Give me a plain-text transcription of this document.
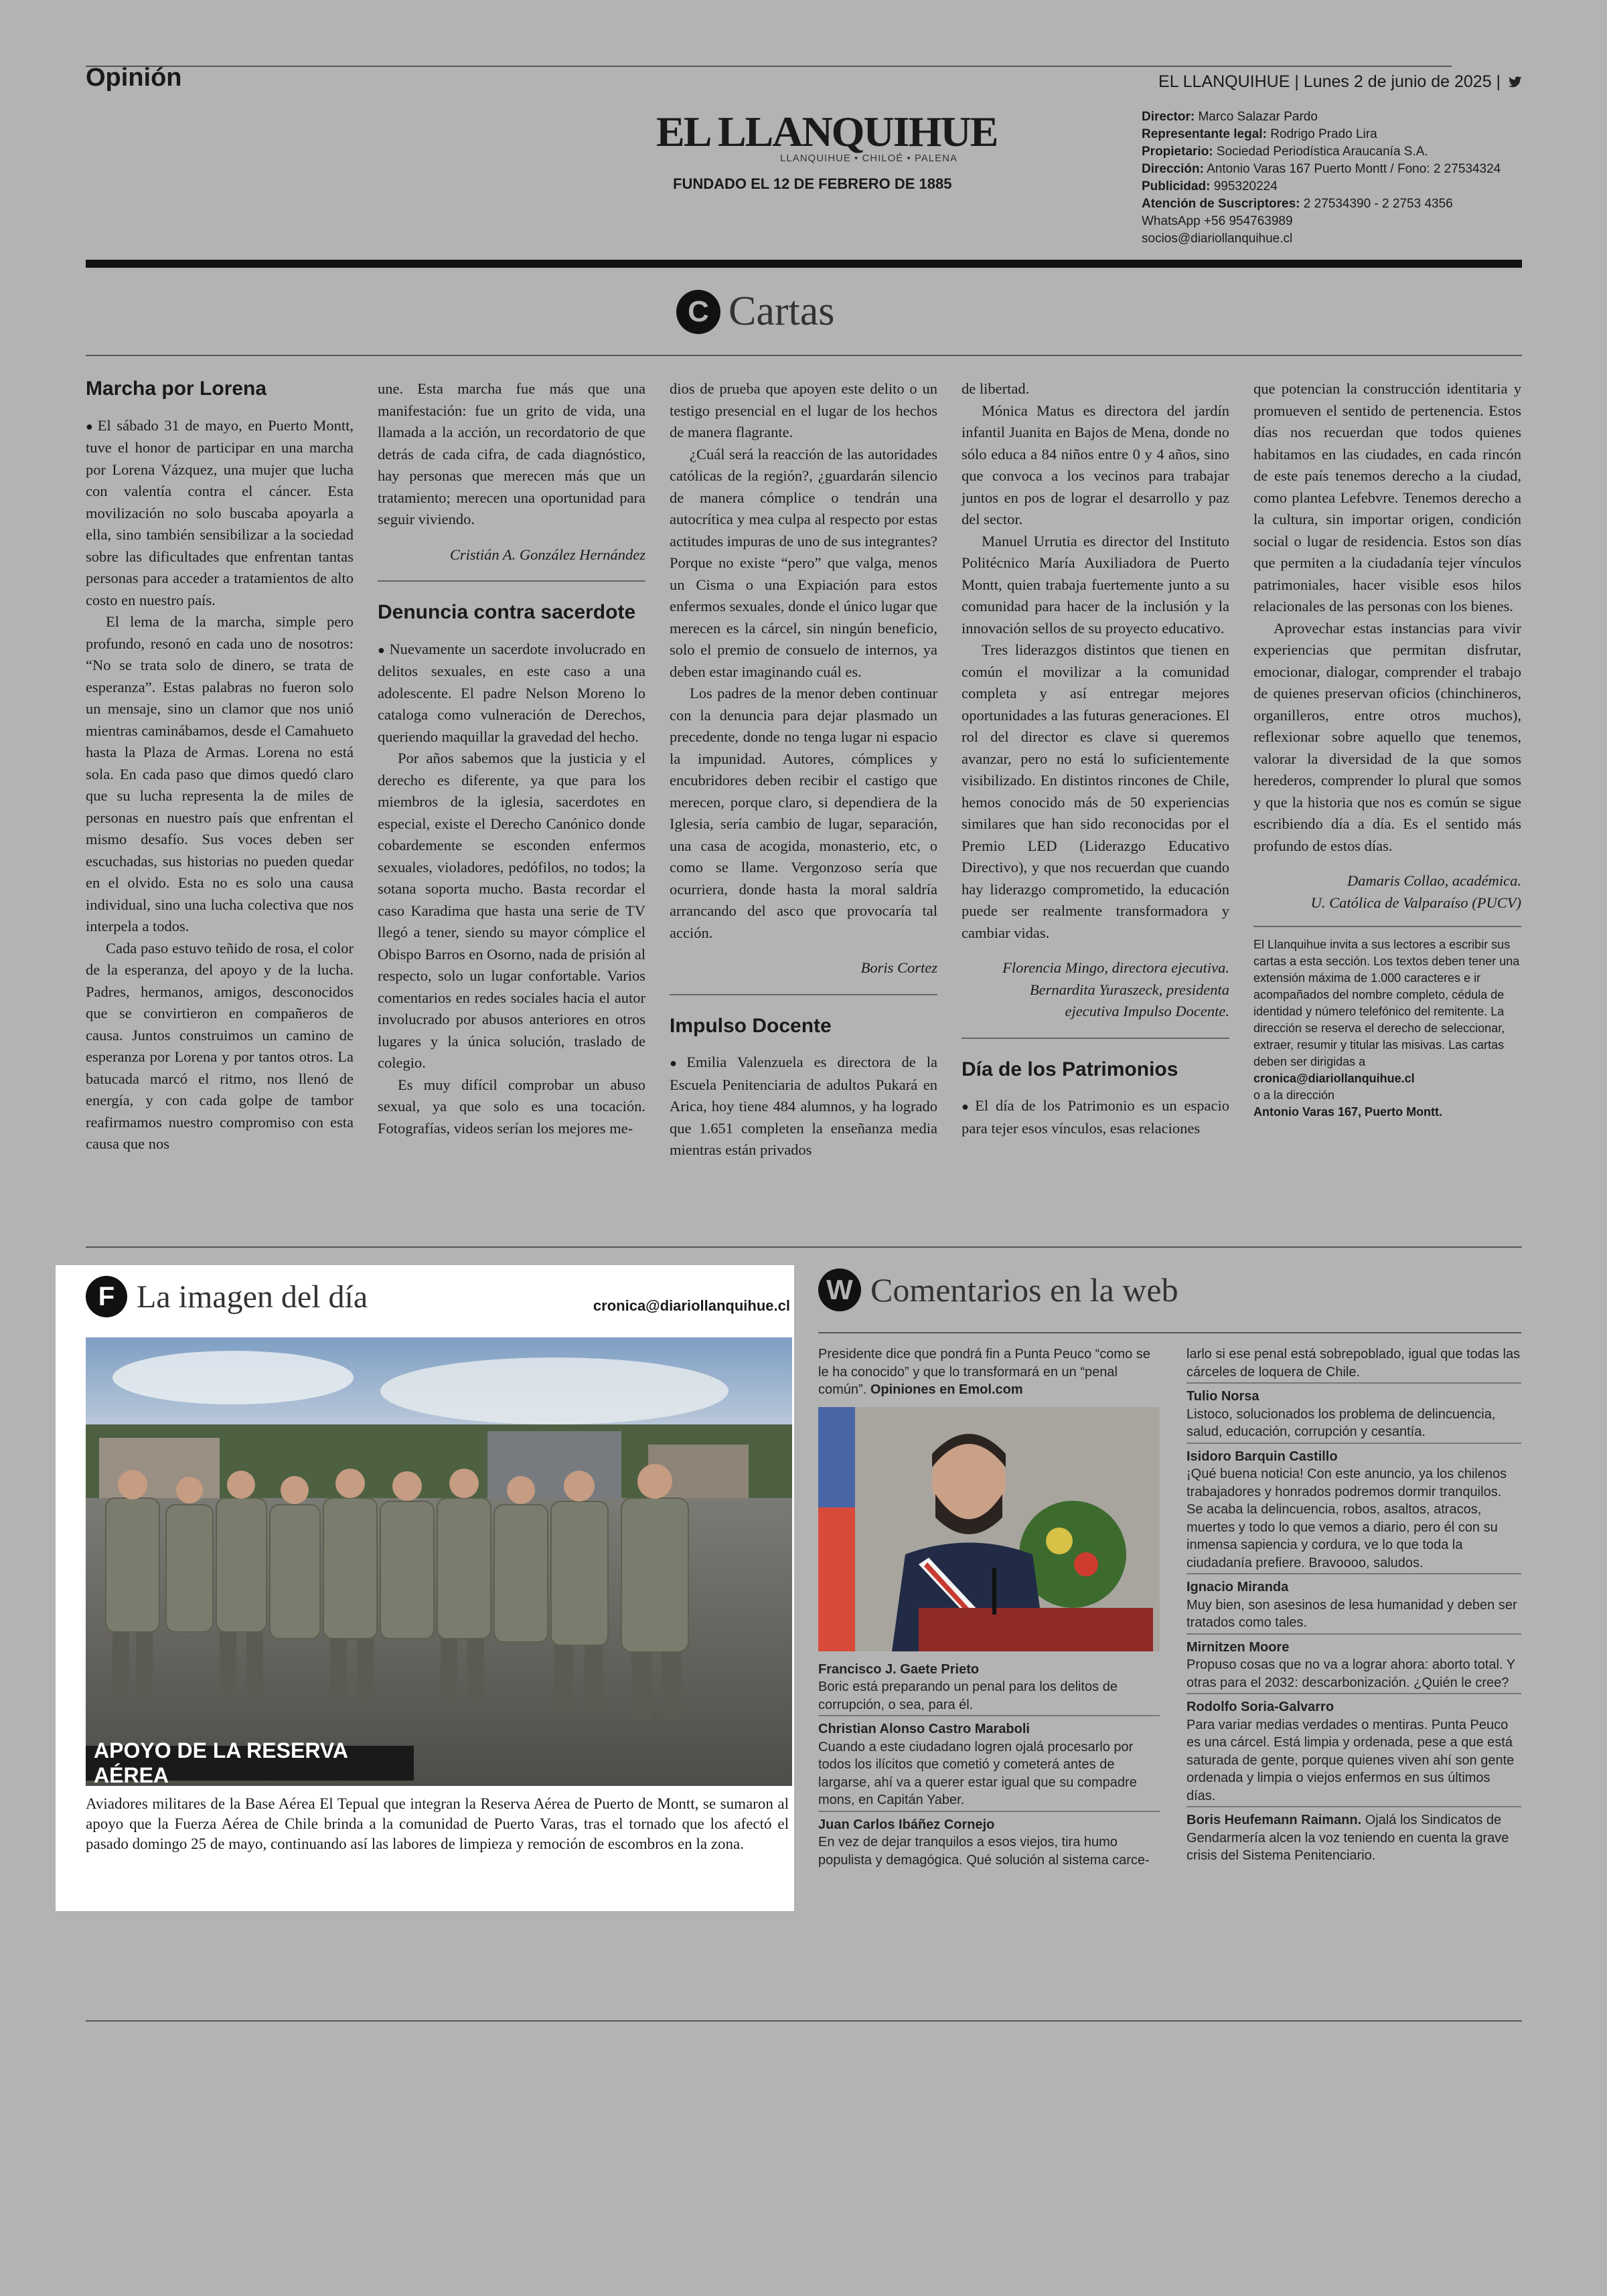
Opinión	EL LLANQUIHUE | Lunes 2 de junio de 2025 |
EL LLANQUIHUE
LLANQUIHUE • CHILOÉ • PALENA
FUNDADO EL 12 DE FEBRERO DE 1885
Director: Marco Salazar Pardo
Representante legal: Rodrigo Prado Lira
Propietario: Sociedad Periodística Araucanía S.A.
Dirección: Antonio Varas 167 Puerto Montt / Fono: 2 27534324
Publicidad: 995320224
Atención de Suscriptores: 2 27534390 - 2 2753 4356
WhatsApp +56 954763989
socios@diariollanquihue.cl
C Cartas
Marcha por Lorena

● El sábado 31 de mayo, en Puerto Montt, tuve el honor de participar en una marcha por Lorena Vázquez, una mujer que lucha con valentía contra el cáncer. Esta movilización no solo buscaba apoyarla a ella, sino también sensibilizar a la sociedad sobre las dificultades que enfrentan tantas personas para acceder a tratamientos de alto costo en nuestro país.

El lema de la marcha, simple pero profundo, resonó en cada uno de nosotros: “No se trata solo de dinero, se trata de esperanza”. Estas palabras no fueron solo un mensaje, sino un clamor que nos unió mientras caminábamos, desde el Camahueto hasta la Plaza de Armas. Lorena no está sola. En cada paso que dimos quedó claro que su lucha representa la de miles de personas en nuestro país que enfrentan el mismo desafío. Sus voces deben ser escuchadas, sus historias no pueden quedar en el olvido. Esta no es solo una causa individual, sino una lucha colectiva que nos interpela a todos.

Cada paso estuvo teñido de rosa, el color de la esperanza, del apoyo y de la lucha. Padres, hermanos, amigos, desconocidos que se convirtieron en compañeros de causa. Juntos construimos un camino de esperanza por Lorena y por tantos otros. La batucada marcó el ritmo, nos llenó de energía, y con cada golpe de tambor reafirmamos nuestro compromiso con esta causa que nos

une. Esta marcha fue más que una manifestación: fue un grito de vida, una llamada a la acción, un recordatorio de que detrás de cada cifra, de cada diagnóstico, hay personas que merecen más que un tratamiento; merecen una oportunidad para seguir viviendo.

Cristián A. González Hernández

Denuncia contra sacerdote

● Nuevamente un sacerdote involucrado en delitos sexuales, en este caso a una adolescente. El padre Nelson Moreno lo cataloga como vulneración de Derechos, queriendo maquillar la gravedad del hecho.

Por años sabemos que la justicia y el derecho es diferente, ya que para los miembros de la iglesia, sacerdotes en especial, existe el Derecho Canónico donde cobardemente se esconden enfermos sexuales, violadores, pedófilos, no todos; la sotana soporta mucho. Basta recordar el caso Karadima que hasta una serie de TV llegó a tener, siendo su mayor cómplice el Obispo Barros en Osorno, nada de prisión al respecto, solo un lugar confortable. Varios comentarios en redes sociales hacia el autor involucrado por abusos anteriores en otros lugares y la única solución, traslado de colegio.

Es muy difícil comprobar un abuso sexual, ya que solo es una tocación. Fotografías, videos serían los mejores me-

dios de prueba que apoyen este delito o un testigo presencial en el lugar de los hechos de manera flagrante.

¿Cuál será la reacción de las autoridades católicas de la región?, ¿guardarán silencio de manera cómplice o tendrán una autocrítica y mea culpa al respecto por estas actitudes impuras de uno de sus integrantes? Porque no existe “pero” que valga, menos un Cisma o una Expiación para estos enfermos sexuales, donde el único lugar que merecen es la cárcel, sin ningún beneficio, solo el premio de consuelo de internos, ya deben estar imaginando cuál es.

Los padres de la menor deben continuar con la denuncia para dejar plasmado un precedente, donde no tenga lugar ni espacio la impunidad. Autores, cómplices y encubridores deben recibir el castigo que merecen, porque claro, si dependiera de la Iglesia, sería cambio de lugar, separación, una casa de acogida, monasterio, etc, o como se llame. Vergonzoso sería que ocurriera, donde hasta la moral saldría arrancando del asco que provocaría tal acción.

Boris Cortez

Impulso Docente

● Emilia Valenzuela es directora de la Escuela Penitenciaria de adultos Pukará en Arica, hoy tiene 484 alumnos, y ha logrado que 1.651 completen la enseñanza media mientras están privados

de libertad.

Mónica Matus es directora del jardín infantil Juanita en Bajos de Mena, donde no sólo educa a 84 niños entre 0 y 4 años, sino que convoca a los vecinos para trabajar juntos en pos de lograr el desarrollo y paz del sector.

Manuel Urrutia es director del Instituto Politécnico María Auxiliadora de Puerto Montt, quien trabaja fuertemente junto a su comunidad para hacer de la inclusión y la innovación sellos de su proyecto educativo.

Tres liderazgos distintos que tienen en común el movilizar a la comunidad completa y así entregar mejores oportunidades a las futuras generaciones. El rol del director es clave si queremos avanzar, pero no está lo suficientemente visibilizado. En distintos rincones de Chile, hemos conocido más de 50 experiencias similares que han sido reconocidas por el Premio LED (Liderazgo Educativo Directivo), y que nos recuerdan que cuando hay liderazgo comprometido, la educación puede ser realmente transformadora y cambiar vidas.

Florencia Mingo, directora ejecutiva.

Bernardita Yuraszeck, presidenta ejecutiva Impulso Docente.

Día de los Patrimonios

● El día de los Patrimonio es un espacio para tejer esos vínculos, esas relaciones

que potencian la construcción identitaria y promueven el sentido de pertenencia. Estos días nos recuerdan que todos quienes habitamos en las ciudades, en cada rincón de este país tenemos derecho a la ciudad, como plantea Lefebvre. Tenemos derecho a la cultura, sin importar origen, condición social o lugar de residencia. Estos son días que permiten a la ciudadanía tejer vínculos patrimoniales, hacer visible esos hilos relacionales de las personas con los bienes.

Aprovechar estas instancias para vivir experiencias que permitan disfrutar, emocionar, dialogar, comprender el trabajo de quienes preservan oficios (chinchineros, organilleros, entre otros muchos), reflexionar sobre aquello que tenemos, valorar la diversidad de la que somos herederos, comprender lo plural que somos y que la historia que nos es común se sigue escribiendo día a día. Es el sentido más profundo de estos días.

Damaris Collao, académica.

U. Católica de Valparaíso (PUCV)

El Llanquihue invita a sus lectores a escribir sus cartas a esta sección. Los textos deben tener una extensión máxima de 1.000 caracteres e ir acompañados del nombre completo, cédula de identidad y número telefónico del remitente. La dirección se reserva el derecho de seleccionar, extraer, resumir y titular las misivas. Las cartas deben ser dirigidas a
cronica@diariollanquihue.cl
o a la dirección
Antonio Varas 167, Puerto Montt.
F La imagen del día	cronica@diariollanquihue.cl
APOYO DE LA RESERVA AÉREA
Aviadores militares de la Base Aérea El Tepual que integran la Reserva Aérea de Puerto de Montt, se sumaron al apoyo que la Fuerza Aérea de Chile brinda a la comunidad de Puerto Varas, tras el tornado que los afectó el pasado domingo 25 de mayo, continuando así las labores de limpieza y remoción de escombros en la zona.
W Comentarios en la web
Presidente dice que pondrá fin a Punta Peuco “como se le ha conocido” y que lo transformará en un “penal común”. Opiniones en Emol.com
Francisco J. Gaete Prieto
Boric está preparando un penal para los delitos de corrupción, o sea, para él.
Christian Alonso Castro Maraboli
Cuando a este ciudadano logren ojalá procesarlo por todos los ilícitos que cometió y cometerá antes de largarse, ahí va a querer estar igual que su compadre mons, en Capitán Yaber.
Juan Carlos Ibáñez Cornejo
En vez de dejar tranquilos a esos viejos, tira humo populista y demagógica. Qué solución al sistema carce-
larlo si ese penal está sobrepoblado, igual que todas las cárceles de loquera de Chile.
Tulio Norsa
Listoco, solucionados los problema de delincuencia, salud, educación, corrupción y cesantía.
Isidoro Barquin Castillo
¡Qué buena noticia! Con este anuncio, ya los chilenos trabajadores y honrados podremos dormir tranquilos. Se acaba la delincuencia, robos, asaltos, atracos, muertes y todo lo que vemos a diario, pero él con su inmensa sapiencia y cordura, ve lo que toda la ciudadanía prefiere. Bravoooo, saludos.
Ignacio Miranda
Muy bien, son asesinos de lesa humanidad y deben ser tratados como tales.
Mirnitzen Moore
Propuso cosas que no va a lograr ahora: aborto total. Y otras para el 2032: descarbonización. ¿Quién le cree?
Rodolfo Soria-Galvarro
Para variar medias verdades o mentiras. Punta Peuco es una cárcel. Está limpia y ordenada, pese a que está saturada de gente, porque quienes viven ahí son gente ordenada y limpia o viejos enfermos en sus últimos días.
Boris Heufemann Raimann. Ojalá los Sindicatos de Gendarmería alcen la voz teniendo en cuenta la grave crisis del Sistema Penitenciario.
